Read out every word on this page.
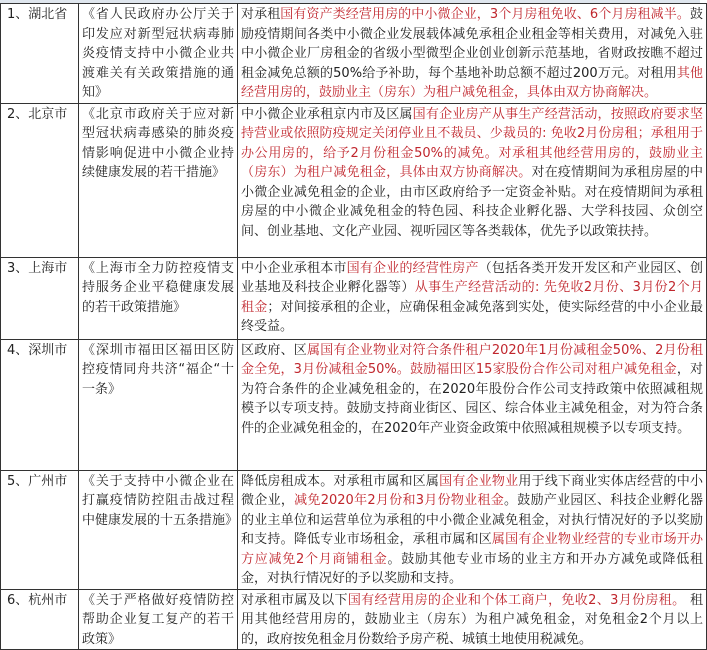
1、湖北省	《省人民政府办公厅关于印发应对新型冠状病毒肺炎疫情支持中小微企业共渡难关有关政策措施的通知》	对承租国有资产类经营用房的中小微企业，3个月房租免收、6个月房租减半。鼓励疫情期间各类中小微企业发展载体减免承租企业租金等相关费用，对减免入驻中小微企业厂房租金的省级小型微型企业创业创新示范基地，省财政按瞧不超过租金减免总额的50%给予补助，每个基地补助总额不超过200万元。对租用其他经营用房的，鼓励业主（房东）为租户减免租金，具体由双方协商解决。
2、北京市	《北京市政府关于应对新型冠状病毒感染的肺炎疫情影响促进中小微企业持续健康发展的若干措施》	中小微企业承租京内市及区属国有企业房产从事生产经营活动，按照政府要求坚持营业或依照防疫规定关闭停业且不裁员、少裁员的: 免收2月份房租；承租用于办公用房的，给予2月份租金50%的减免。对承租其他经营用房的，鼓励业主（房东）为租户减免租金，具体由双方协商解决。对在疫情期间为承租房屋的中小微企业减免租金的企业，由市区政府给予一定资金补贴。对在疫情期间为承租房屋的中小微企业减免租金的特色园、科技企业孵化器、大学科技园、众创空间、创业基地、文化产业园、视听园区等各类载体，优先予以政策扶持。
3、上海市	《上海市全力防控疫情支持服务企业平稳健康发展的若干政策措施》	中小企业承租本市国有企业的经营性房产（包括各类开发开发区和产业园区、创业基地及科技企业孵化器等）从事生产经营活动的: 先免收2月份、3月份2个月租金；对间接承租的企业，应确保租金减免落到实处，使实际经营的中小企业最终受益。
4、深圳市	《深圳市福田区福田区防控疫情同舟共济“福企“十一条》	区政府、区属国有企业物业对符合条件租户2020年1月份减租金50%、2月份租金全免，3月份减租金50%。鼓励福田区15家股份合作公司对租户减免租金，对为符合条件的企业减免租金的，在2020年股份合作公司支持政策中依照减租规模予以专项支持。鼓励支持商业街区、园区、综合体业主减免租金，对为符合条件的企业减免租金的，在2020年产业资金政策中依照减租规模予以专项支持。
5、广州市	《关于支持中小微企业在打赢疫情防控阻击战过程中健康发展的十五条措施》	降低房租成本。对承租市属和区属国有企业物业用于线下商业实体店经营的中小微企业，减免2020年2月份和3月份物业租金。鼓励产业园区、科技企业孵化器的业主单位和运营单位为承租的中小微企业减免租金，对执行情况好的予以奖励和支持。降低专业市场租金，承租市属和区属国有企业物业经营的专业市场开办方应减免2个月商铺租金。鼓励其他专业市场的业主方和开办方减免或降低租金，对执行情况好的予以奖励和支持。
6、杭州市	《关于严格做好疫情防控帮助企业复工复产的若干政策》	对承租市属及以下国有经营用房的企业和个体工商户，免收2、3月份房租。 租用其他经营用房的，鼓励业主（房东）为租户减免租金，对免租金2个月以上的，政府按免租金月份数给予房产税、城镇土地使用税减免。
